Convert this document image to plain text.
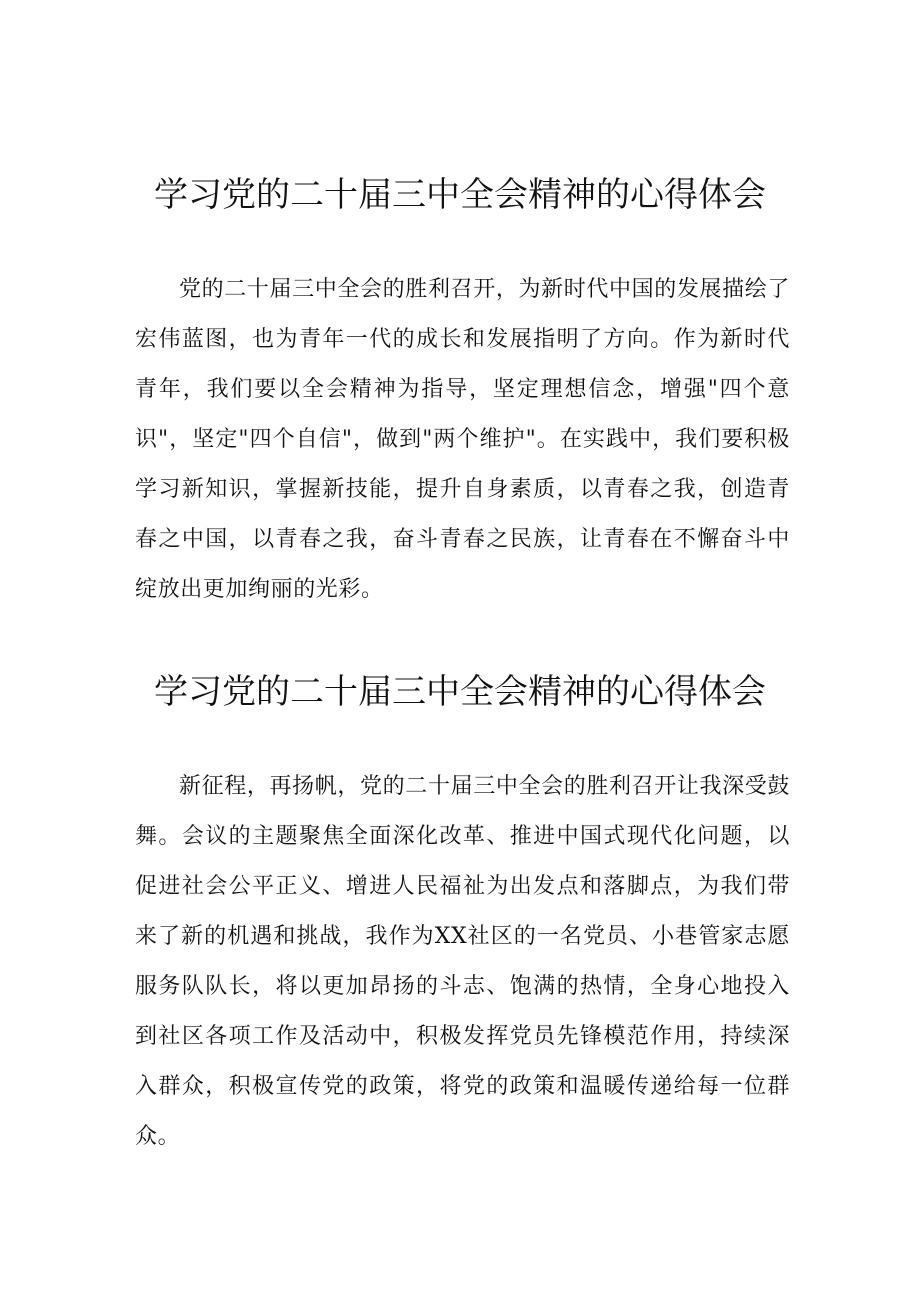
学习党的二十届三中全会精神的心得体会

党的二十届三中全会的胜利召开，为新时代中国的发展描绘了宏伟蓝图，也为青年一代的成长和发展指明了方向。作为新时代青年，我们要以全会精神为指导，坚定理想信念，增强"四个意识"，坚定"四个自信"，做到"两个维护"。在实践中，我们要积极学习新知识，掌握新技能，提升自身素质，以青春之我，创造青春之中国，以青春之我，奋斗青春之民族，让青春在不懈奋斗中绽放出更加绚丽的光彩。

学习党的二十届三中全会精神的心得体会

新征程，再扬帆，党的二十届三中全会的胜利召开让我深受鼓舞。会议的主题聚焦全面深化改革、推进中国式现代化问题，以促进社会公平正义、增进人民福祉为出发点和落脚点，为我们带来了新的机遇和挑战，我作为XX社区的一名党员、小巷管家志愿服务队队长，将以更加昂扬的斗志、饱满的热情，全身心地投入到社区各项工作及活动中，积极发挥党员先锋模范作用，持续深入群众，积极宣传党的政策，将党的政策和温暖传递给每一位群众。
